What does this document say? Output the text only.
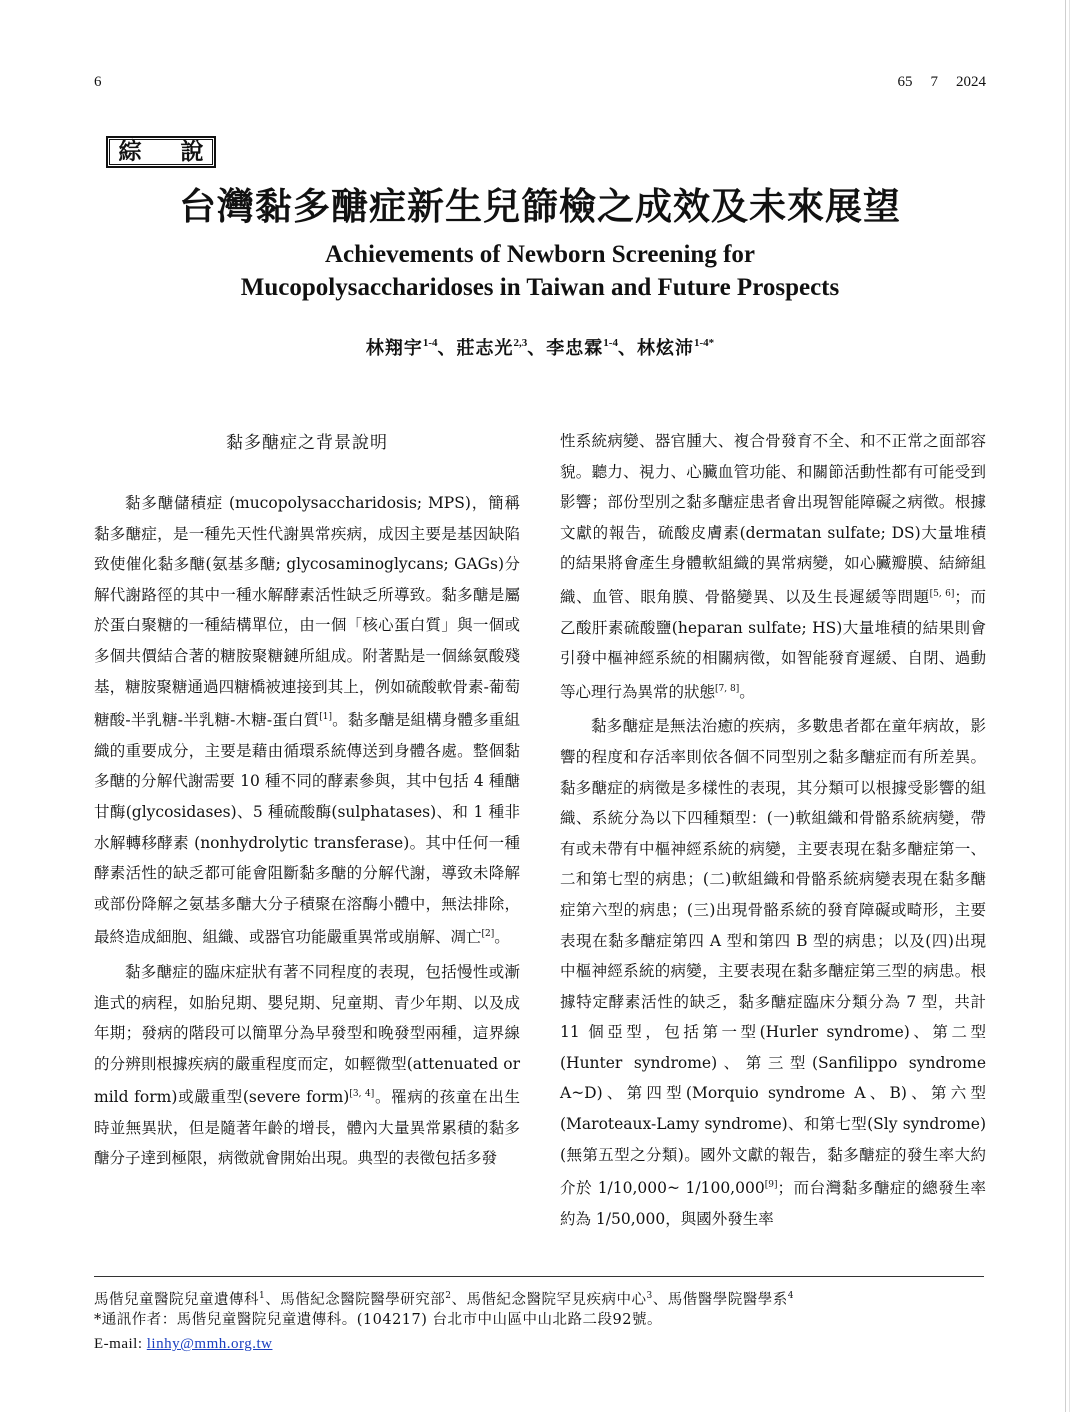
6	65 7 2024
綜　說
台灣黏多醣症新生兒篩檢之成效及未來展望
Achievements of Newborn Screening for
Mucopolysaccharidoses in Taiwan and Future Prospects
林翔宇$^{1-4}$、莊志光$^{2,3}$、李忠霖$^{1-4}$、林炫沛$^{1-4*}$
黏多醣症之背景說明

黏多醣儲積症 (mucopolysaccharidosis; MPS)，簡稱黏多醣症，是一種先天性代謝異常疾病，成因主要是基因缺陷致使催化黏多醣(氨基多醣; glycosaminoglycans; GAGs)分解代謝路徑的其中一種水解酵素活性缺乏所導致。黏多醣是屬於蛋白聚糖的一種結構單位，由一個「核心蛋白質」與一個或多個共價結合著的糖胺聚糖鏈所組成。附著點是一個絲氨酸殘基，糖胺聚糖通過四糖橋被連接到其上，例如硫酸軟骨素-葡萄糖酸-半乳糖-半乳糖-木糖-蛋白質[1]。黏多醣是組構身體多重組織的重要成分，主要是藉由循環系統傳送到身體各處。整個黏多醣的分解代謝需要 10 種不同的酵素參與，其中包括 4 種醣甘酶(glycosidases)、5 種硫酸酶(sulphatases)、和 1 種非水解轉移酵素 (nonhydrolytic transferase)。其中任何一種酵素活性的缺乏都可能會阻斷黏多醣的分解代謝，導致未降解或部份降解之氨基多醣大分子積聚在溶酶小體中，無法排除，最終造成細胞、組織、或器官功能嚴重異常或崩解、凋亡[2]。

黏多醣症的臨床症狀有著不同程度的表現，包括慢性或漸進式的病程，如胎兒期、嬰兒期、兒童期、青少年期、以及成年期；發病的階段可以簡單分為早發型和晚發型兩種，這界線的分辨則根據疾病的嚴重程度而定，如輕微型(attenuated or mild form)或嚴重型(severe form)[3, 4]。罹病的孩童在出生時並無異狀，但是隨著年齡的增長，體內大量異常累積的黏多醣分子達到極限，病徵就會開始出現。典型的表徵包括多發

性系統病變、器官腫大、複合骨發育不全、和不正常之面部容貌。聽力、視力、心臟血管功能、和關節活動性都有可能受到影響；部份型別之黏多醣症患者會出現智能障礙之病徵。根據文獻的報告，硫酸皮膚素(dermatan sulfate; DS)大量堆積的結果將會產生身體軟組織的異常病變，如心臟瓣膜、結締組織、血管、眼角膜、骨骼變異、以及生長遲緩等問題[5, 6]；而乙酸肝素硫酸鹽(heparan sulfate; HS)大量堆積的結果則會引發中樞神經系統的相關病徵，如智能發育遲緩、自閉、過動等心理行為異常的狀態[7, 8]。

黏多醣症是無法治癒的疾病，多數患者都在童年病故，影響的程度和存活率則依各個不同型別之黏多醣症而有所差異。黏多醣症的病徵是多樣性的表現，其分類可以根據受影響的組織、系統分為以下四種類型：(一)軟組織和骨骼系統病變，帶有或未帶有中樞神經系統的病變，主要表現在黏多醣症第一、二和第七型的病患；(二)軟組織和骨骼系統病變表現在黏多醣症第六型的病患；(三)出現骨骼系統的發育障礙或畸形，主要表現在黏多醣症第四 A 型和第四 B 型的病患；以及(四)出現中樞神經系統的病變，主要表現在黏多醣症第三型的病患。根據特定酵素活性的缺乏，黏多醣症臨床分類分為 7 型，共計 11 個亞型，包括第一型(Hurler syndrome)、第二型(Hunter syndrome)、第三型(Sanfilippo syndrome A~D)、第四型(Morquio syndrome A、B)、第六型(Maroteaux-Lamy syndrome)、和第七型(Sly syndrome) (無第五型之分類)。國外文獻的報告，黏多醣症的發生率大約介於 1/10,000~ 1/100,000[9]；而台灣黏多醣症的總發生率約為 1/50,000，與國外發生率

馬偕兒童醫院兒童遺傳科$^1$、馬偕紀念醫院醫學研究部$^2$、馬偕紀念醫院罕見疾病中心$^3$、馬偕醫學院醫學系$^4$
*通訊作者：馬偕兒童醫院兒童遺傳科。(104217) 台北市中山區中山北路二段92號。
E-mail: linhy@mmh.org.tw
